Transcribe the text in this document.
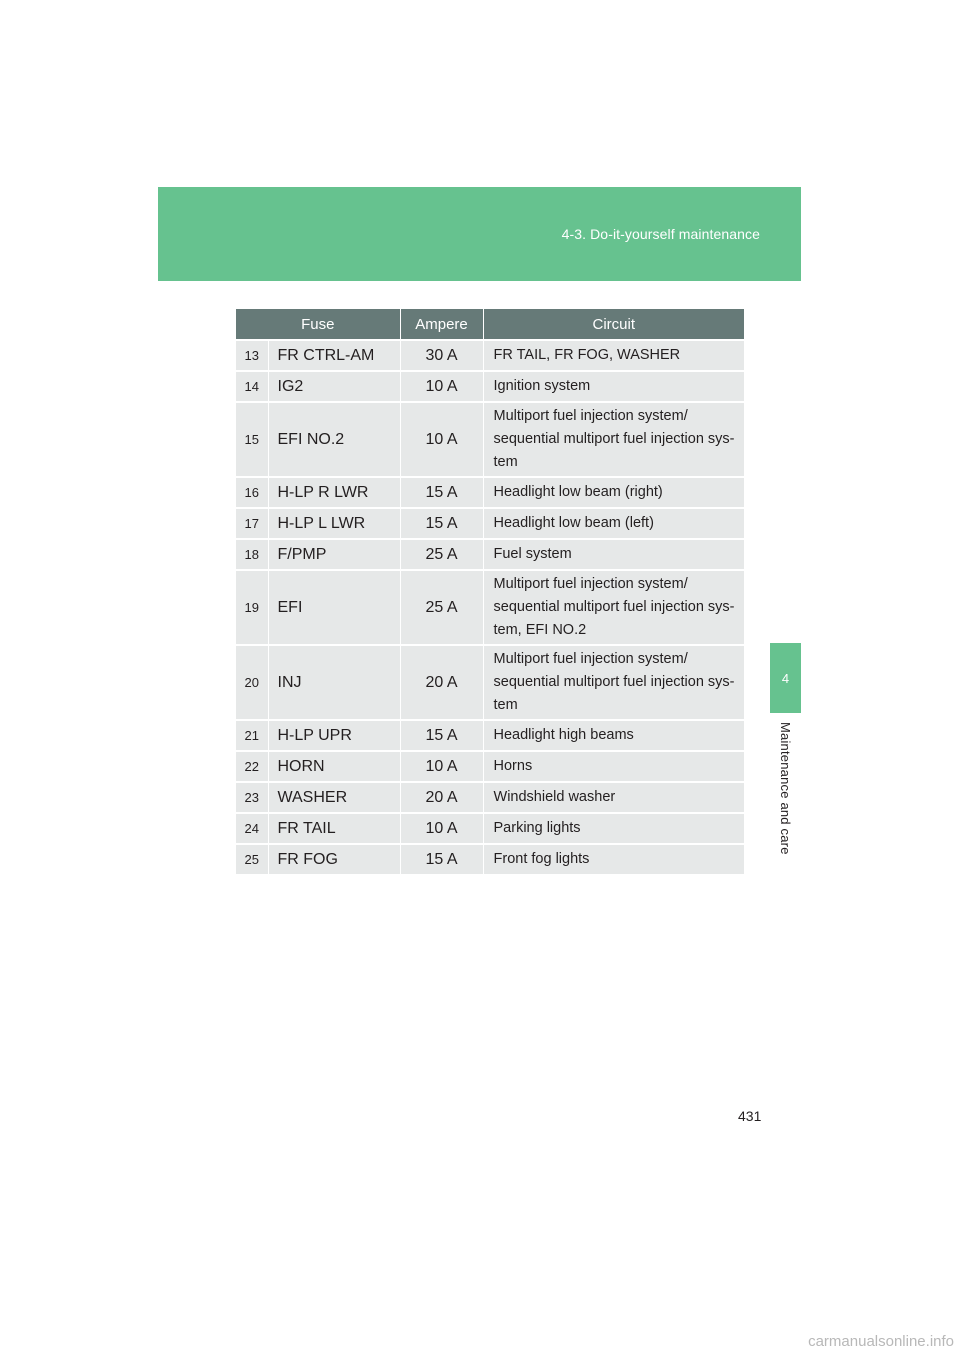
4-3. Do-it-yourself maintenance
4
Maintenance and care
Fuse		Ampere	Circuit
13	FR CTRL-AM	30 A	FR TAIL, FR FOG, WASHER
14	IG2	10 A	Ignition system
15	EFI NO.2	10 A	Multiport fuel injection system/ sequential multiport fuel injection sys-tem
16	H-LP R LWR	15 A	Headlight low beam (right)
17	H-LP L LWR	15 A	Headlight low beam (left)
18	F/PMP	25 A	Fuel system
19	EFI	25 A	Multiport fuel injection system/ sequential multiport fuel injection sys-tem, EFI NO.2
20	INJ	20 A	Multiport fuel injection system/ sequential multiport fuel injection sys-tem
21	H-LP UPR	15 A	Headlight high beams
22	HORN	10 A	Horns
23	WASHER	20 A	Windshield washer
24	FR TAIL	10 A	Parking lights
25	FR FOG	15 A	Front fog lights
431
carmanualsonline.info
